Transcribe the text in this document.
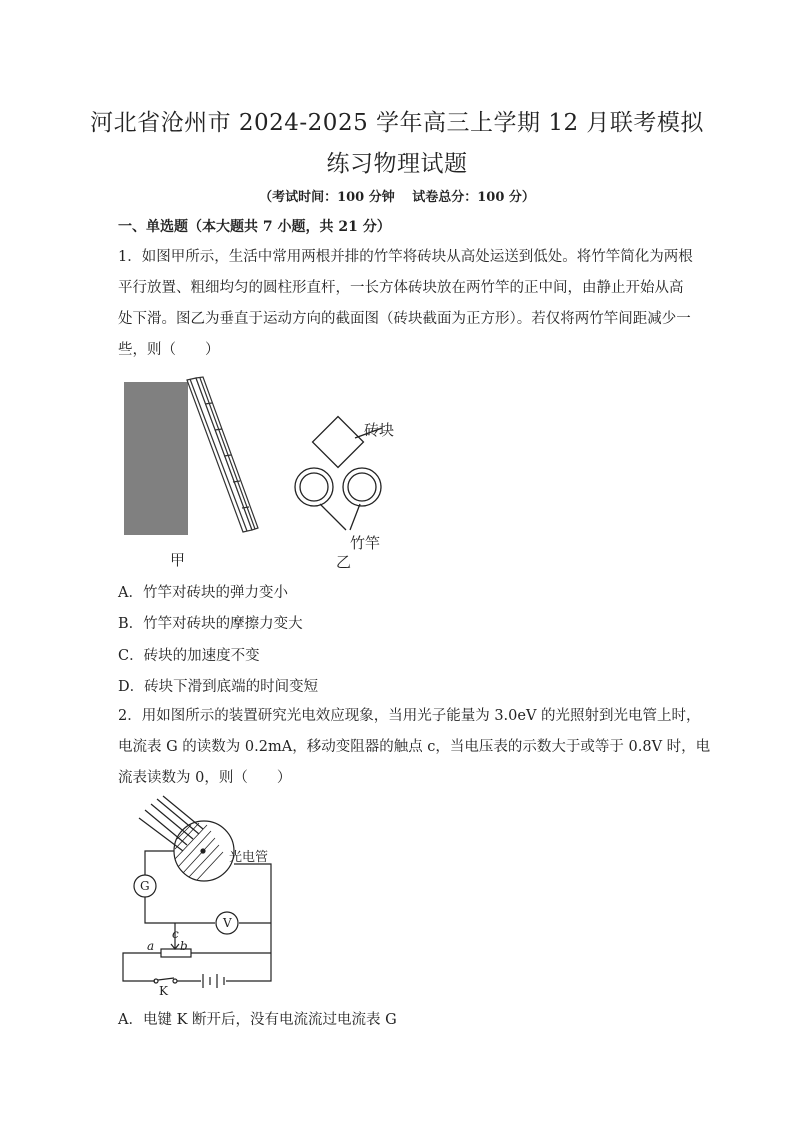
河北省沧州市 2024-2025 学年高三上学期 12 月联考模拟
练习物理试题
（考试时间：100 分钟　 试卷总分：100 分）
一、单选题（本大题共 7 小题，共 21 分）
1．如图甲所示，生活中常用两根并排的竹竿将砖块从高处运送到低处。将竹竿简化为两根
平行放置、粗细均匀的圆柱形直杆，一长方体砖块放在两竹竿的正中间，由静止开始从高
处下滑。图乙为垂直于运动方向的截面图（砖块截面为正方形）。若仅将两竹竿间距减少一
些，则（　　）
甲	乙
砖块
竹竿
A．竹竿对砖块的弹力变小
B．竹竿对砖块的摩擦力变大
C．砖块的加速度不变
D．砖块下滑到底端的时间变短
2．用如图所示的装置研究光电效应现象，当用光子能量为 3.0eV 的光照射到光电管上时，
电流表 G 的读数为 0.2mA，移动变阻器的触点 c，当电压表的示数大于或等于 0.8V 时，电
流表读数为 0，则（　　）
光电管
G
V
a b
c
K
A．电键 K 断开后，没有电流流过电流表 G
